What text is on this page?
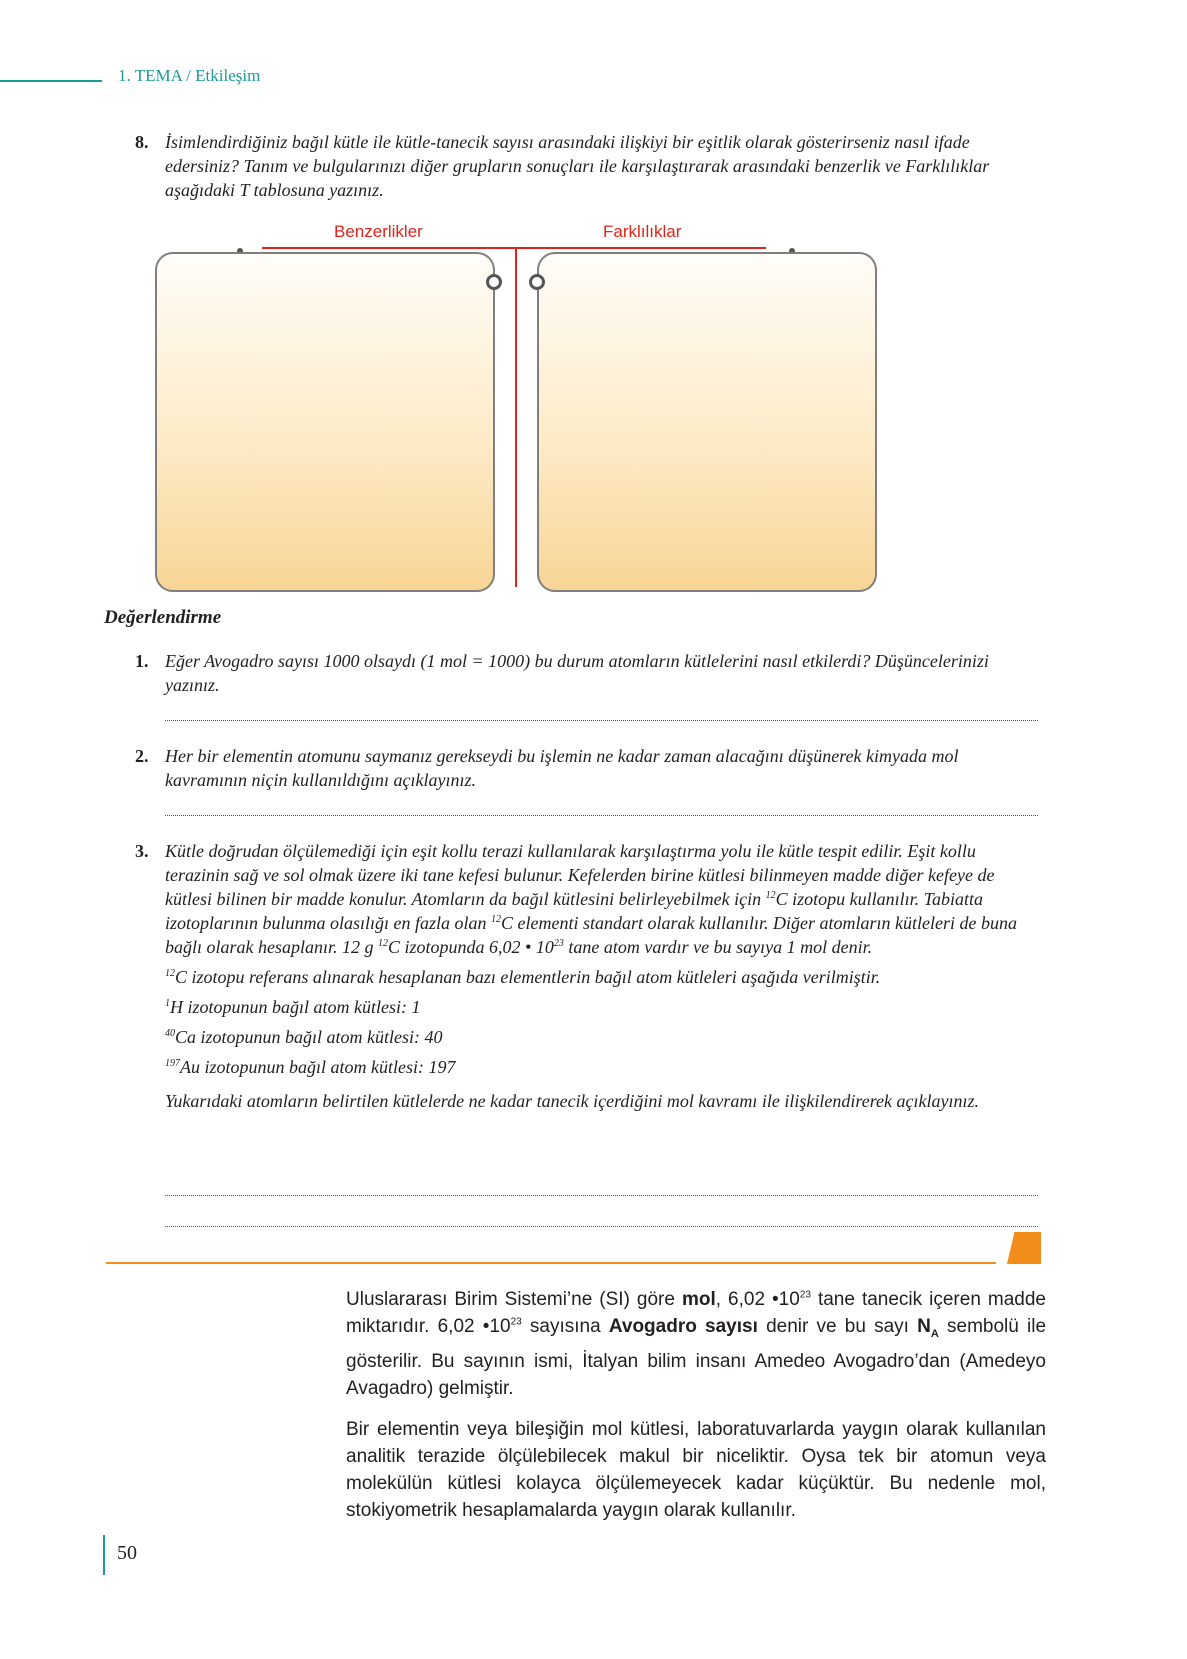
1. TEMA / Etkileşim
8. İsimlendirdiğiniz bağıl kütle ile kütle-tanecik sayısı arasındaki ilişkiyi bir eşitlik olarak gösterirseniz nasıl ifade edersiniz? Tanım ve bulgularınızı diğer grupların sonuçları ile karşılaştırarak arasındaki benzerlik ve Farklılıklar aşağıdaki T tablosuna yazınız.
Benzerlikler	Farklılıklar
Değerlendirme
1. Eğer Avogadro sayısı 1000 olsaydı (1 mol = 1000) bu durum atomların kütlelerini nasıl etkilerdi? Düşüncelerinizi yazınız.
2. Her bir elementin atomunu saymanız gerekseydi bu işlemin ne kadar zaman alacağını düşünerek kimyada mol kavramının niçin kullanıldığını açıklayınız.
3. Kütle doğrudan ölçülemediği için eşit kollu terazi kullanılarak karşılaştırma yolu ile kütle tespit edilir. Eşit kollu terazinin sağ ve sol olmak üzere iki tane kefesi bulunur. Kefelerden birine kütlesi bilinmeyen madde diğer kefeye de kütlesi bilinen bir madde konulur. Atomların da bağıl kütlesini belirleyebilmek için $^{12}$C izotopu kullanılır. Tabiatta izotoplarının bulunma olasılığı en fazla olan $^{12}$C elementi standart olarak kullanılır. Diğer atomların kütleleri de buna bağlı olarak hesaplanır. 12 g $^{12}$C izotopunda 6,02 • $10^{23}$ tane atom vardır ve bu sayıya 1 mol denir.
$^{12}$C izotopu referans alınarak hesaplanan bazı elementlerin bağıl atom kütleleri aşağıda verilmiştir.
$^1$H izotopunun bağıl atom kütlesi: 1
$^{40}$Ca izotopunun bağıl atom kütlesi: 40
$^{197}$Au izotopunun bağıl atom kütlesi: 197
Yukarıdaki atomların belirtilen kütlelerde ne kadar tanecik içerdiğini mol kavramı ile ilişkilendirerek açıklayınız.

Uluslararası Birim Sistemi’ne (SI) göre mol, 6,02 $•10^{23}$ tane tanecik içeren madde miktarıdır. 6,02 $•10^{23}$ sayısına Avogadro sayısı denir ve bu sayı $N_A$ sembolü ile gösterilir. Bu sayının ismi, İtalyan bilim insanı Amedeo Avogadro’dan (Amedeyo Avagadro) gelmiştir.

Bir elementin veya bileşiğin mol kütlesi, laboratuvarlarda yaygın olarak kullanılan analitik terazide ölçülebilecek makul bir niceliktir. Oysa tek bir atomun veya molekülün kütlesi kolayca ölçülemeyecek kadar küçüktür. Bu nedenle mol, stokiyometrik hesaplamalarda yaygın olarak kullanılır.

50
